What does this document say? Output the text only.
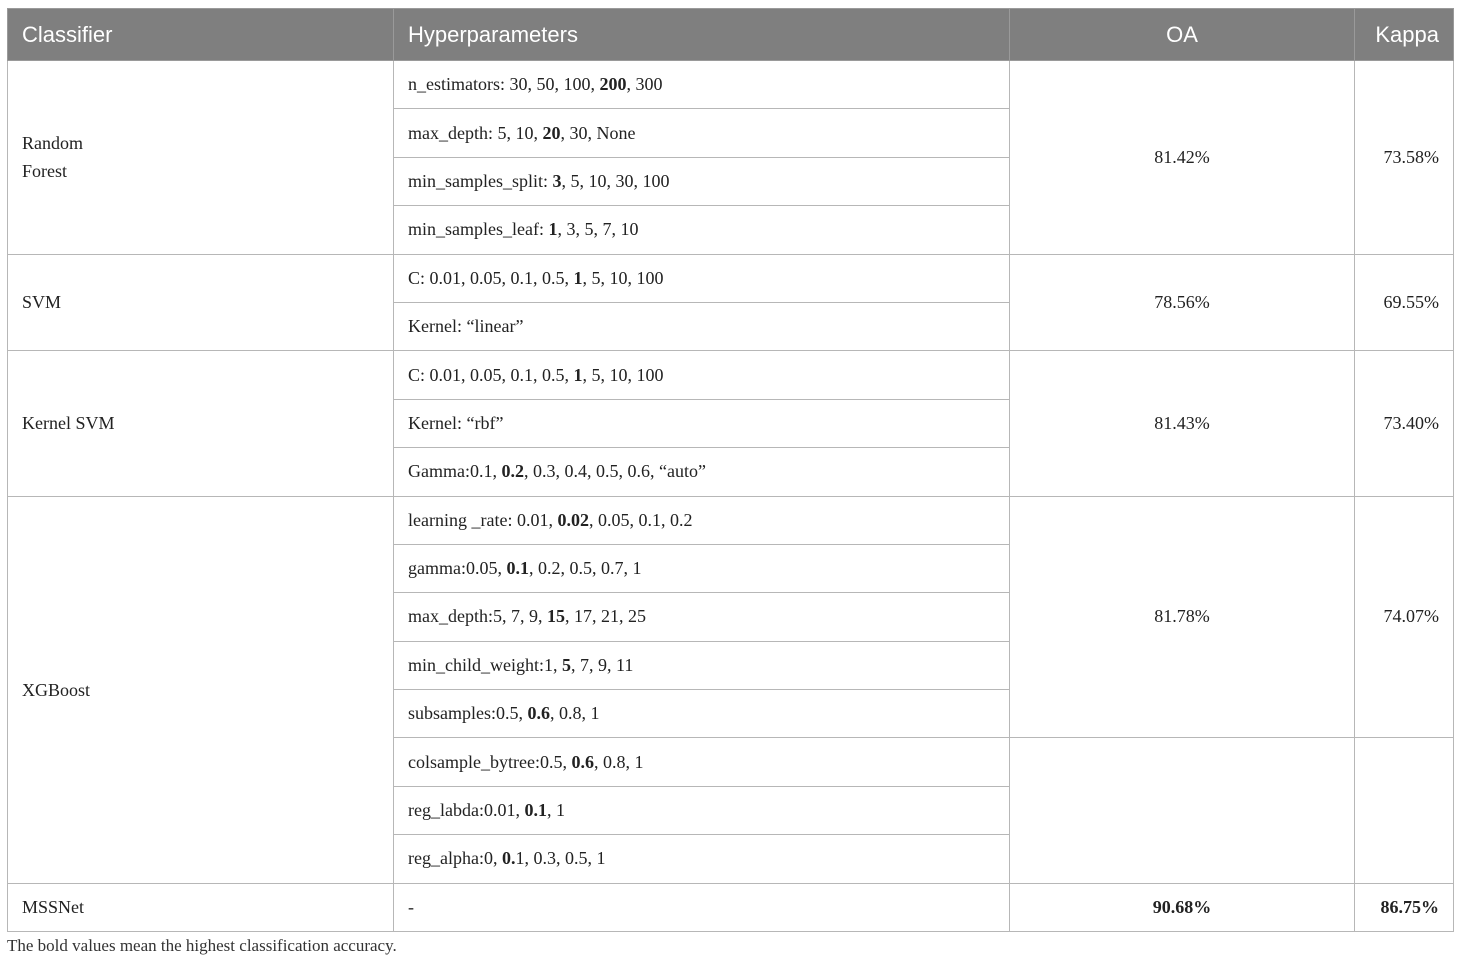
Classifier	Hyperparameters	OA	Kappa
Random
Forest	n_estimators: 30, 50, 100, 200, 300	81.42%	73.58%
	max_depth: 5, 10, 20, 30, None		
	min_samples_split: 3, 5, 10, 30, 100		
	min_samples_leaf: 1, 3, 5, 7, 10		
SVM	C: 0.01, 0.05, 0.1, 0.5, 1, 5, 10, 100	78.56%	69.55%
	Kernel: “linear”		
Kernel SVM	C: 0.01, 0.05, 0.1, 0.5, 1, 5, 10, 100	81.43%	73.40%
	Kernel: “rbf”		
	Gamma:0.1, 0.2, 0.3, 0.4, 0.5, 0.6, “auto”		
XGBoost	learning _rate: 0.01, 0.02, 0.05, 0.1, 0.2	81.78%	74.07%
	gamma:0.05, 0.1, 0.2, 0.5, 0.7, 1		
	max_depth:5, 7, 9, 15, 17, 21, 25		
	min_child_weight:1, 5, 7, 9, 11		
	subsamples:0.5, 0.6, 0.8, 1		
	colsample_bytree:0.5, 0.6, 0.8, 1		
	reg_labda:0.01, 0.1, 1		
	reg_alpha:0, 0.1, 0.3, 0.5, 1		
MSSNet	-	90.68%	86.75%
The bold values mean the highest classification accuracy.
